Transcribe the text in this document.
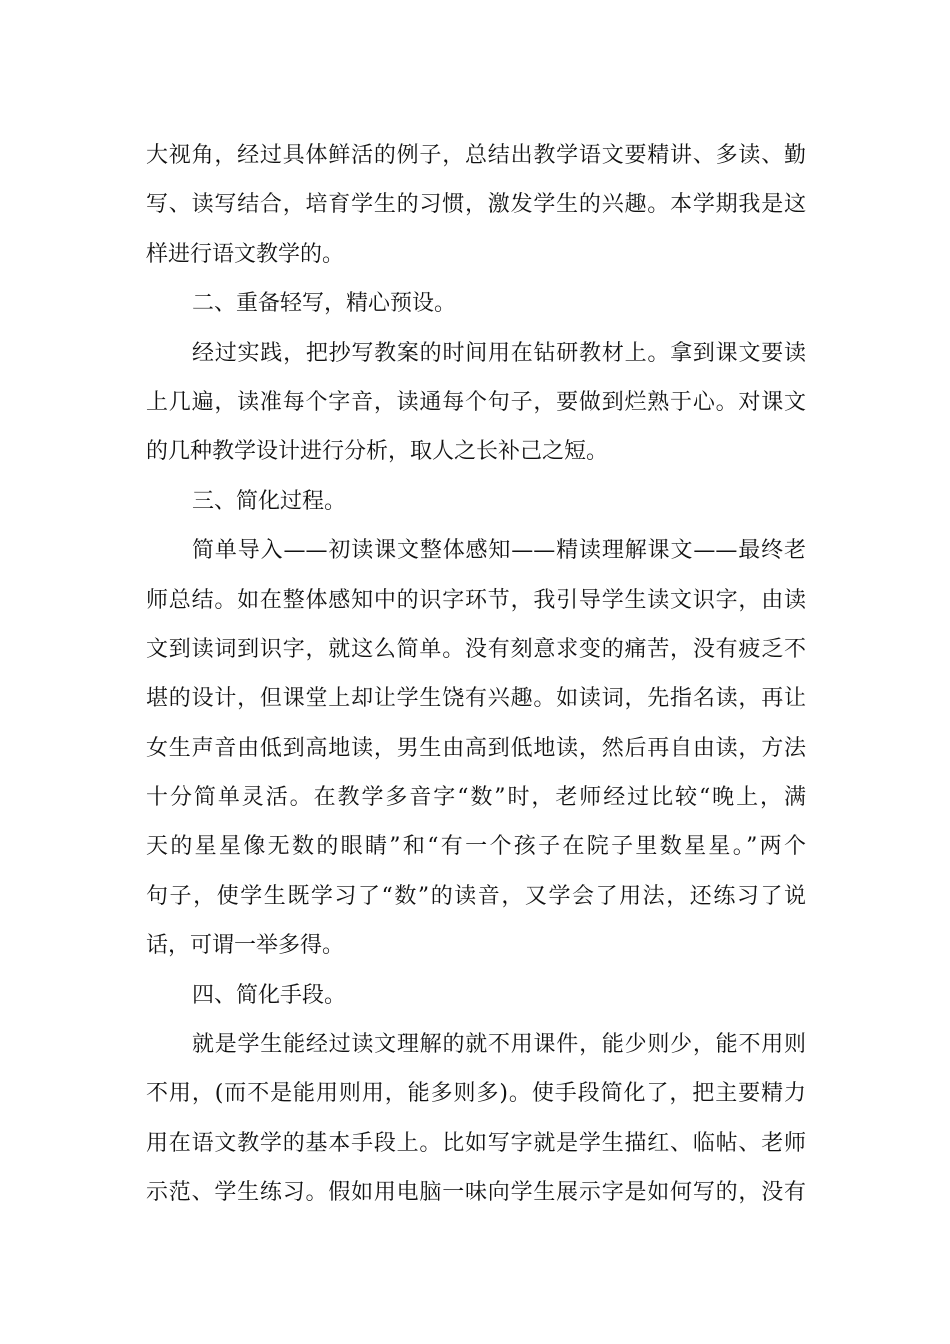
大视角，经过具体鲜活的例子，总结出教学语文要精讲、多读、勤
写、读写结合，培育学生的习惯，激发学生的兴趣。本学期我是这
样进行语文教学的。
二、重备轻写，精心预设。
经过实践，把抄写教案的时间用在钻研教材上。拿到课文要读
上几遍，读准每个字音，读通每个句子，要做到烂熟于心。对课文
的几种教学设计进行分析，取人之长补己之短。
三、简化过程。
简单导入——初读课文整体感知——精读理解课文——最终老
师总结。如在整体感知中的识字环节，我引导学生读文识字，由读
文到读词到识字，就这么简单。没有刻意求变的痛苦，没有疲乏不
堪的设计，但课堂上却让学生饶有兴趣。如读词，先指名读，再让
女生声音由低到高地读，男生由高到低地读，然后再自由读，方法
十分简单灵活。在教学多音字“数”时，老师经过比较“晚上，满
天的星星像无数的眼睛”和“有一个孩子在院子里数星星。”两个
句子，使学生既学习了“数”的读音，又学会了用法，还练习了说
话，可谓一举多得。
四、简化手段。
就是学生能经过读文理解的就不用课件，能少则少，能不用则
不用，(而不是能用则用，能多则多)。使手段简化了，把主要精力
用在语文教学的基本手段上。比如写字就是学生描红、临帖、老师
示范、学生练习。假如用电脑一味向学生展示字是如何写的，没有
